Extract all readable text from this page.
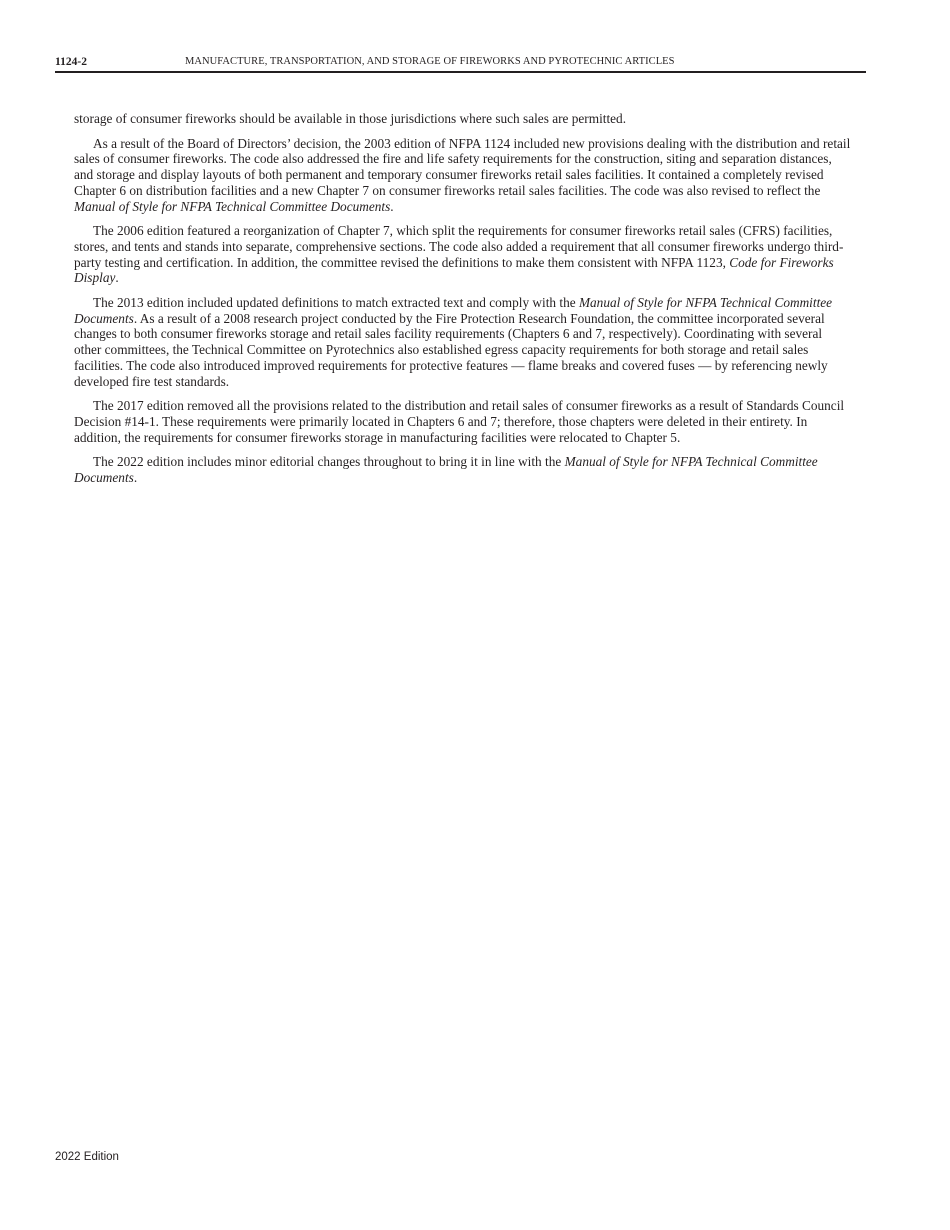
1124-2	MANUFACTURE, TRANSPORTATION, AND STORAGE OF FIREWORKS AND PYROTECHNIC ARTICLES

storage of consumer fireworks should be available in those jurisdictions where such sales are permitted.

As a result of the Board of Directors’ decision, the 2003 edition of NFPA 1124 included new provisions dealing with the distribution and retail sales of consumer fireworks. The code also addressed the fire and life safety requirements for the construction, siting and separation distances, and storage and display layouts of both permanent and temporary consumer fireworks retail sales facilities. It contained a completely revised Chapter 6 on distribution facilities and a new Chapter 7 on consumer fireworks retail sales facilities. The code was also revised to reflect the Manual of Style for NFPA Technical Committee Documents.

The 2006 edition featured a reorganization of Chapter 7, which split the requirements for consumer fireworks retail sales (CFRS) facilities, stores, and tents and stands into separate, comprehensive sections. The code also added a requirement that all consumer fireworks undergo third-party testing and certification. In addition, the committee revised the definitions to make them consistent with NFPA 1123, Code for Fireworks Display.

The 2013 edition included updated definitions to match extracted text and comply with the Manual of Style for NFPA Technical Committee Documents. As a result of a 2008 research project conducted by the Fire Protection Research Foundation, the committee incorporated several changes to both consumer fireworks storage and retail sales facility requirements (Chapters 6 and 7, respectively). Coordinating with several other committees, the Technical Committee on Pyrotechnics also established egress capacity requirements for both storage and retail sales facilities. The code also introduced improved requirements for protective features — flame breaks and covered fuses — by referencing newly developed fire test standards.

The 2017 edition removed all the provisions related to the distribution and retail sales of consumer fireworks as a result of Standards Council Decision #14-1. These requirements were primarily located in Chapters 6 and 7; therefore, those chapters were deleted in their entirety. In addition, the requirements for consumer fireworks storage in manufacturing facilities were relocated to Chapter 5.

The 2022 edition includes minor editorial changes throughout to bring it in line with the Manual of Style for NFPA Technical Committee Documents.

2022 Edition
